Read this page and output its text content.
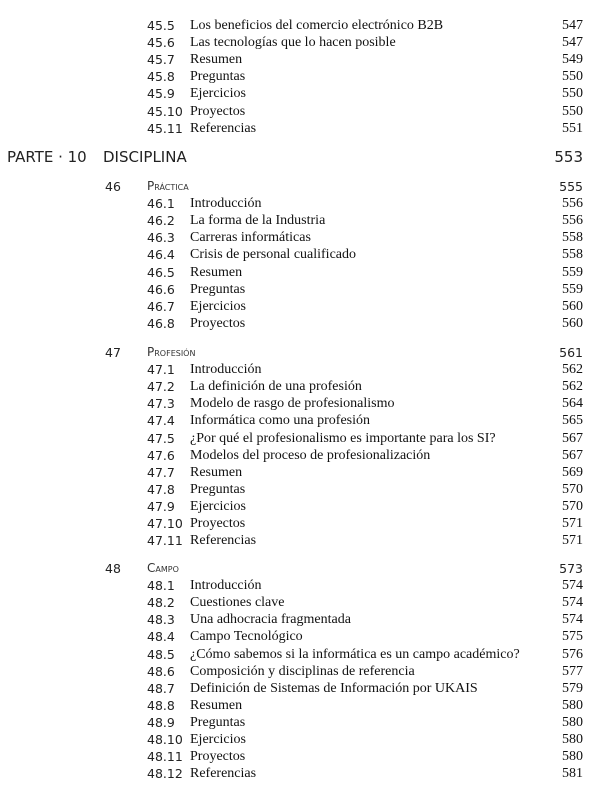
45.5 Los beneficios del comercio electrónico B2B	547
45.6 Las tecnologías que lo hacen posible	547
45.7 Resumen	549
45.8 Preguntas	550
45.9 Ejercicios	550
45.10 Proyectos	550
45.11 Referencias	551
PARTE · 10 DISCIPLINA	553
46 Práctica	555
46.1 Introducción	556
46.2 La forma de la Industria	556
46.3 Carreras informáticas	558
46.4 Crisis de personal cualificado	558
46.5 Resumen	559
46.6 Preguntas	559
46.7 Ejercicios	560
46.8 Proyectos	560
47 Profesión	561
47.1 Introducción	562
47.2 La definición de una profesión	562
47.3 Modelo de rasgo de profesionalismo	564
47.4 Informática como una profesión	565
47.5 ¿Por qué el profesionalismo es importante para los SI?	567
47.6 Modelos del proceso de profesionalización	567
47.7 Resumen	569
47.8 Preguntas	570
47.9 Ejercicios	570
47.10 Proyectos	571
47.11 Referencias	571
48 Campo	573
48.1 Introducción	574
48.2 Cuestiones clave	574
48.3 Una adhocracia fragmentada	574
48.4 Campo Tecnológico	575
48.5 ¿Cómo sabemos si la informática es un campo académico?	576
48.6 Composición y disciplinas de referencia	577
48.7 Definición de Sistemas de Información por UKAIS	579
48.8 Resumen	580
48.9 Preguntas	580
48.10 Ejercicios	580
48.11 Proyectos	580
48.12 Referencias	581
